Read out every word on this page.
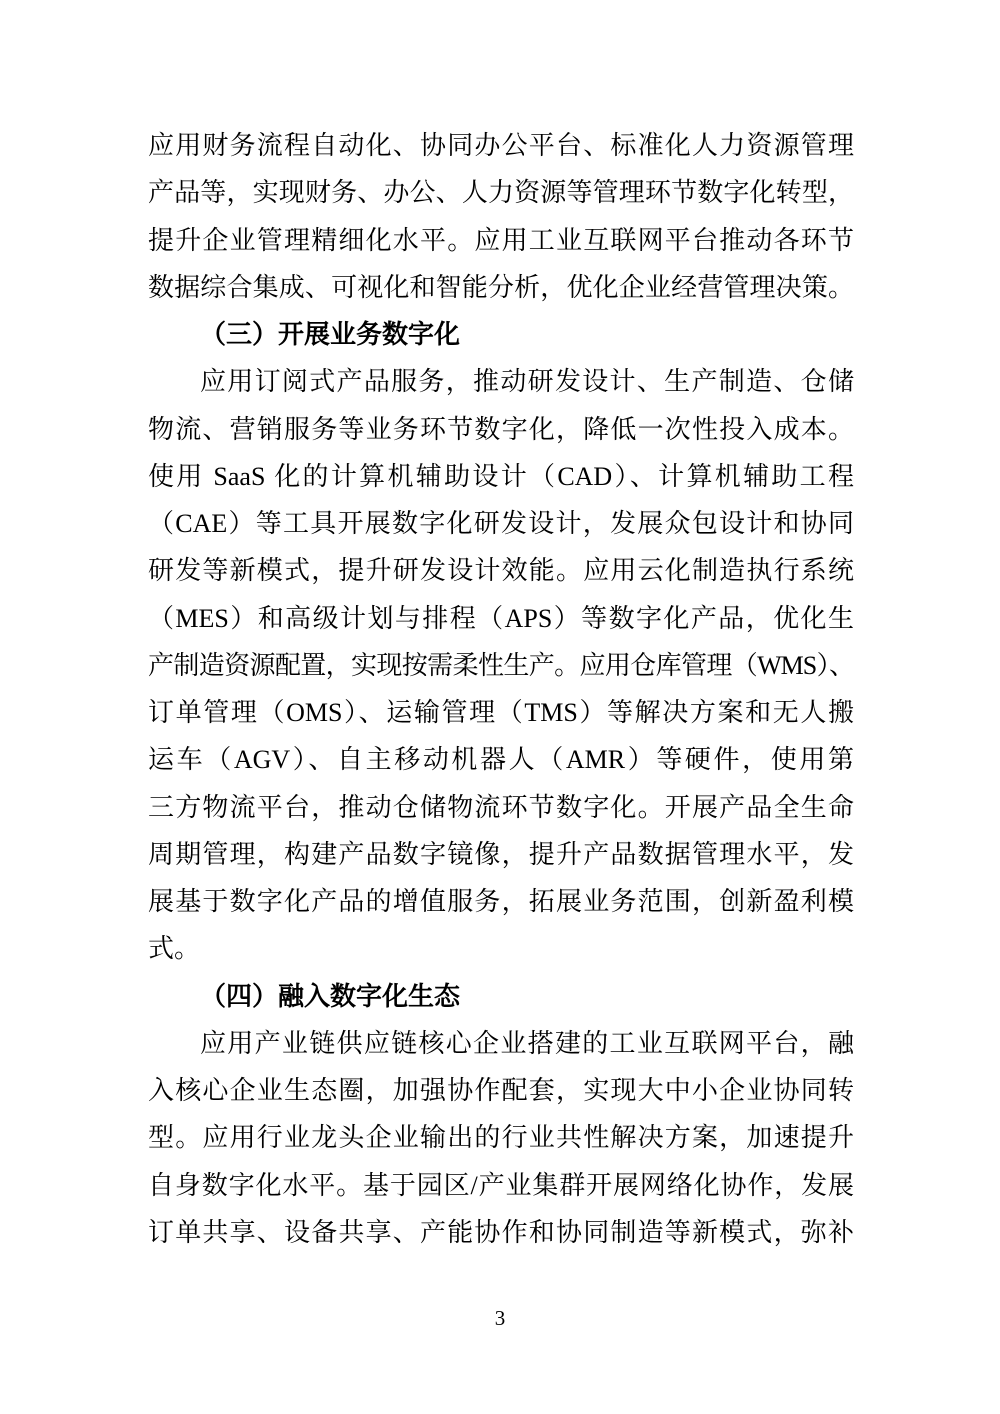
应用财务流程自动化、协同办公平台、标准化人力资源管理
产品等，实现财务、办公、人力资源等管理环节数字化转型，
提升企业管理精细化水平。应用工业互联网平台推动各环节
数据综合集成、可视化和智能分析，优化企业经营管理决策。
（三）开展业务数字化
应用订阅式产品服务，推动研发设计、生产制造、仓储
物流、营销服务等业务环节数字化，降低一次性投入成本。
使用 SaaS 化的计算机辅助设计（CAD）、计算机辅助工程
（CAE）等工具开展数字化研发设计，发展众包设计和协同
研发等新模式，提升研发设计效能。应用云化制造执行系统
（MES）和高级计划与排程（APS）等数字化产品，优化生
产制造资源配置，实现按需柔性生产。应用仓库管理（WMS）、
订单管理（OMS）、运输管理（TMS）等解决方案和无人搬
运车（AGV）、自主移动机器人（AMR）等硬件，使用第
三方物流平台，推动仓储物流环节数字化。开展产品全生命
周期管理，构建产品数字镜像，提升产品数据管理水平，发
展基于数字化产品的增值服务，拓展业务范围，创新盈利模
式。
（四）融入数字化生态
应用产业链供应链核心企业搭建的工业互联网平台，融
入核心企业生态圈，加强协作配套，实现大中小企业协同转
型。应用行业龙头企业输出的行业共性解决方案，加速提升
自身数字化水平。基于园区/产业集群开展网络化协作，发展
订单共享、设备共享、产能协作和协同制造等新模式，弥补
3
